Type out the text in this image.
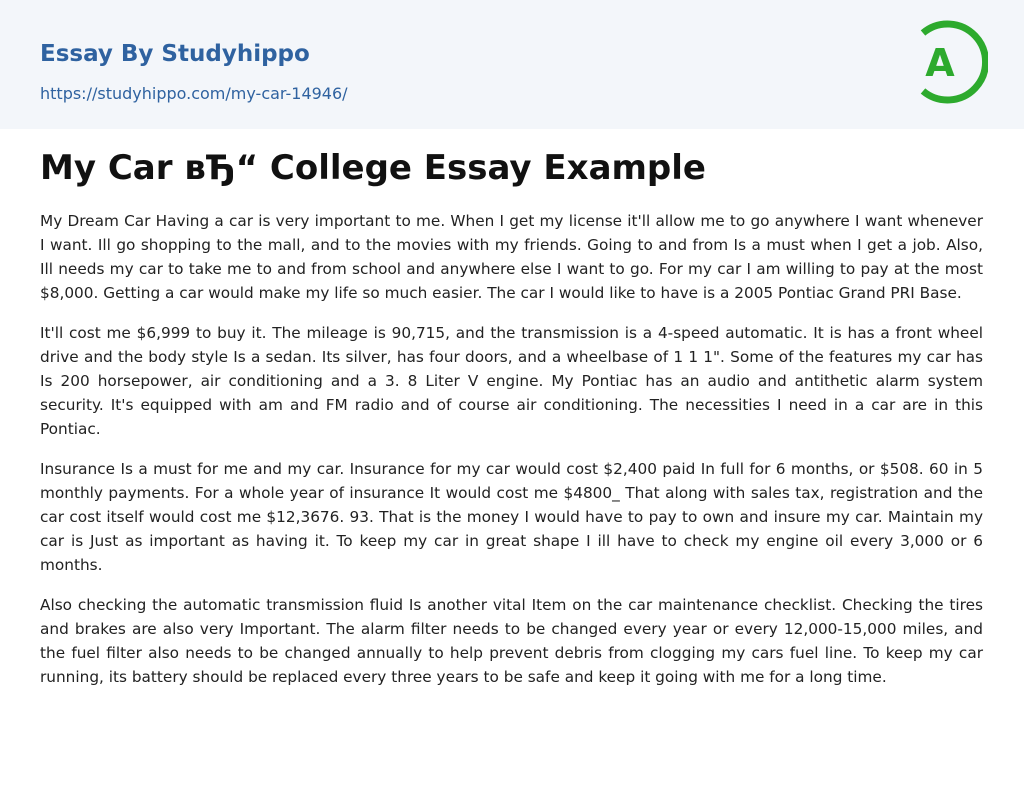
Essay By Studyhippo
https://studyhippo.com/my-car-14946/
A
My Car вЂ“ College Essay Example

My Dream Car Having a car is very important to me. When I get my license it'll allow me to go anywhere I want whenever I want. Ill go shopping to the mall, and to the movies with my friends. Going to and from Is a must when I get a job. Also, Ill needs my car to take me to and from school and anywhere else I want to go. For my car I am willing to pay at the most $8,000. Getting a car would make my life so much easier. The car I would like to have is a 2005 Pontiac Grand PRI Base.

It'll cost me $6,999 to buy it. The mileage is 90,715, and the transmission is a 4-speed automatic. It is has a front wheel drive and the body style Is a sedan. Its silver, has four doors, and a wheelbase of 1 1 1". Some of the features my car has Is 200 horsepower, air conditioning and a 3. 8 Liter V engine. My Pontiac has an audio and antithetic alarm system security. It's equipped with am and FM radio and of course air conditioning. The necessities I need in a car are in this Pontiac.

Insurance Is a must for me and my car. Insurance for my car would cost $2,400 paid In full for 6 months, or $508. 60 in 5 monthly payments. For a whole year of insurance It would cost me $4800_ That along with sales tax, registration and the car cost itself would cost me $12,3676. 93. That is the money I would have to pay to own and insure my car. Maintain my car is Just as important as having it. To keep my car in great shape I ill have to check my engine oil every 3,000 or 6 months.

Also checking the automatic transmission fluid Is another vital Item on the car maintenance checklist. Checking the tires and brakes are also very Important. The alarm filter needs to be changed every year or every 12,000-15,000 miles, and the fuel filter also needs to be changed annually to help prevent debris from clogging my cars fuel line. To keep my car running, its battery should be replaced every three years to be safe and keep it going with me for a long time.
